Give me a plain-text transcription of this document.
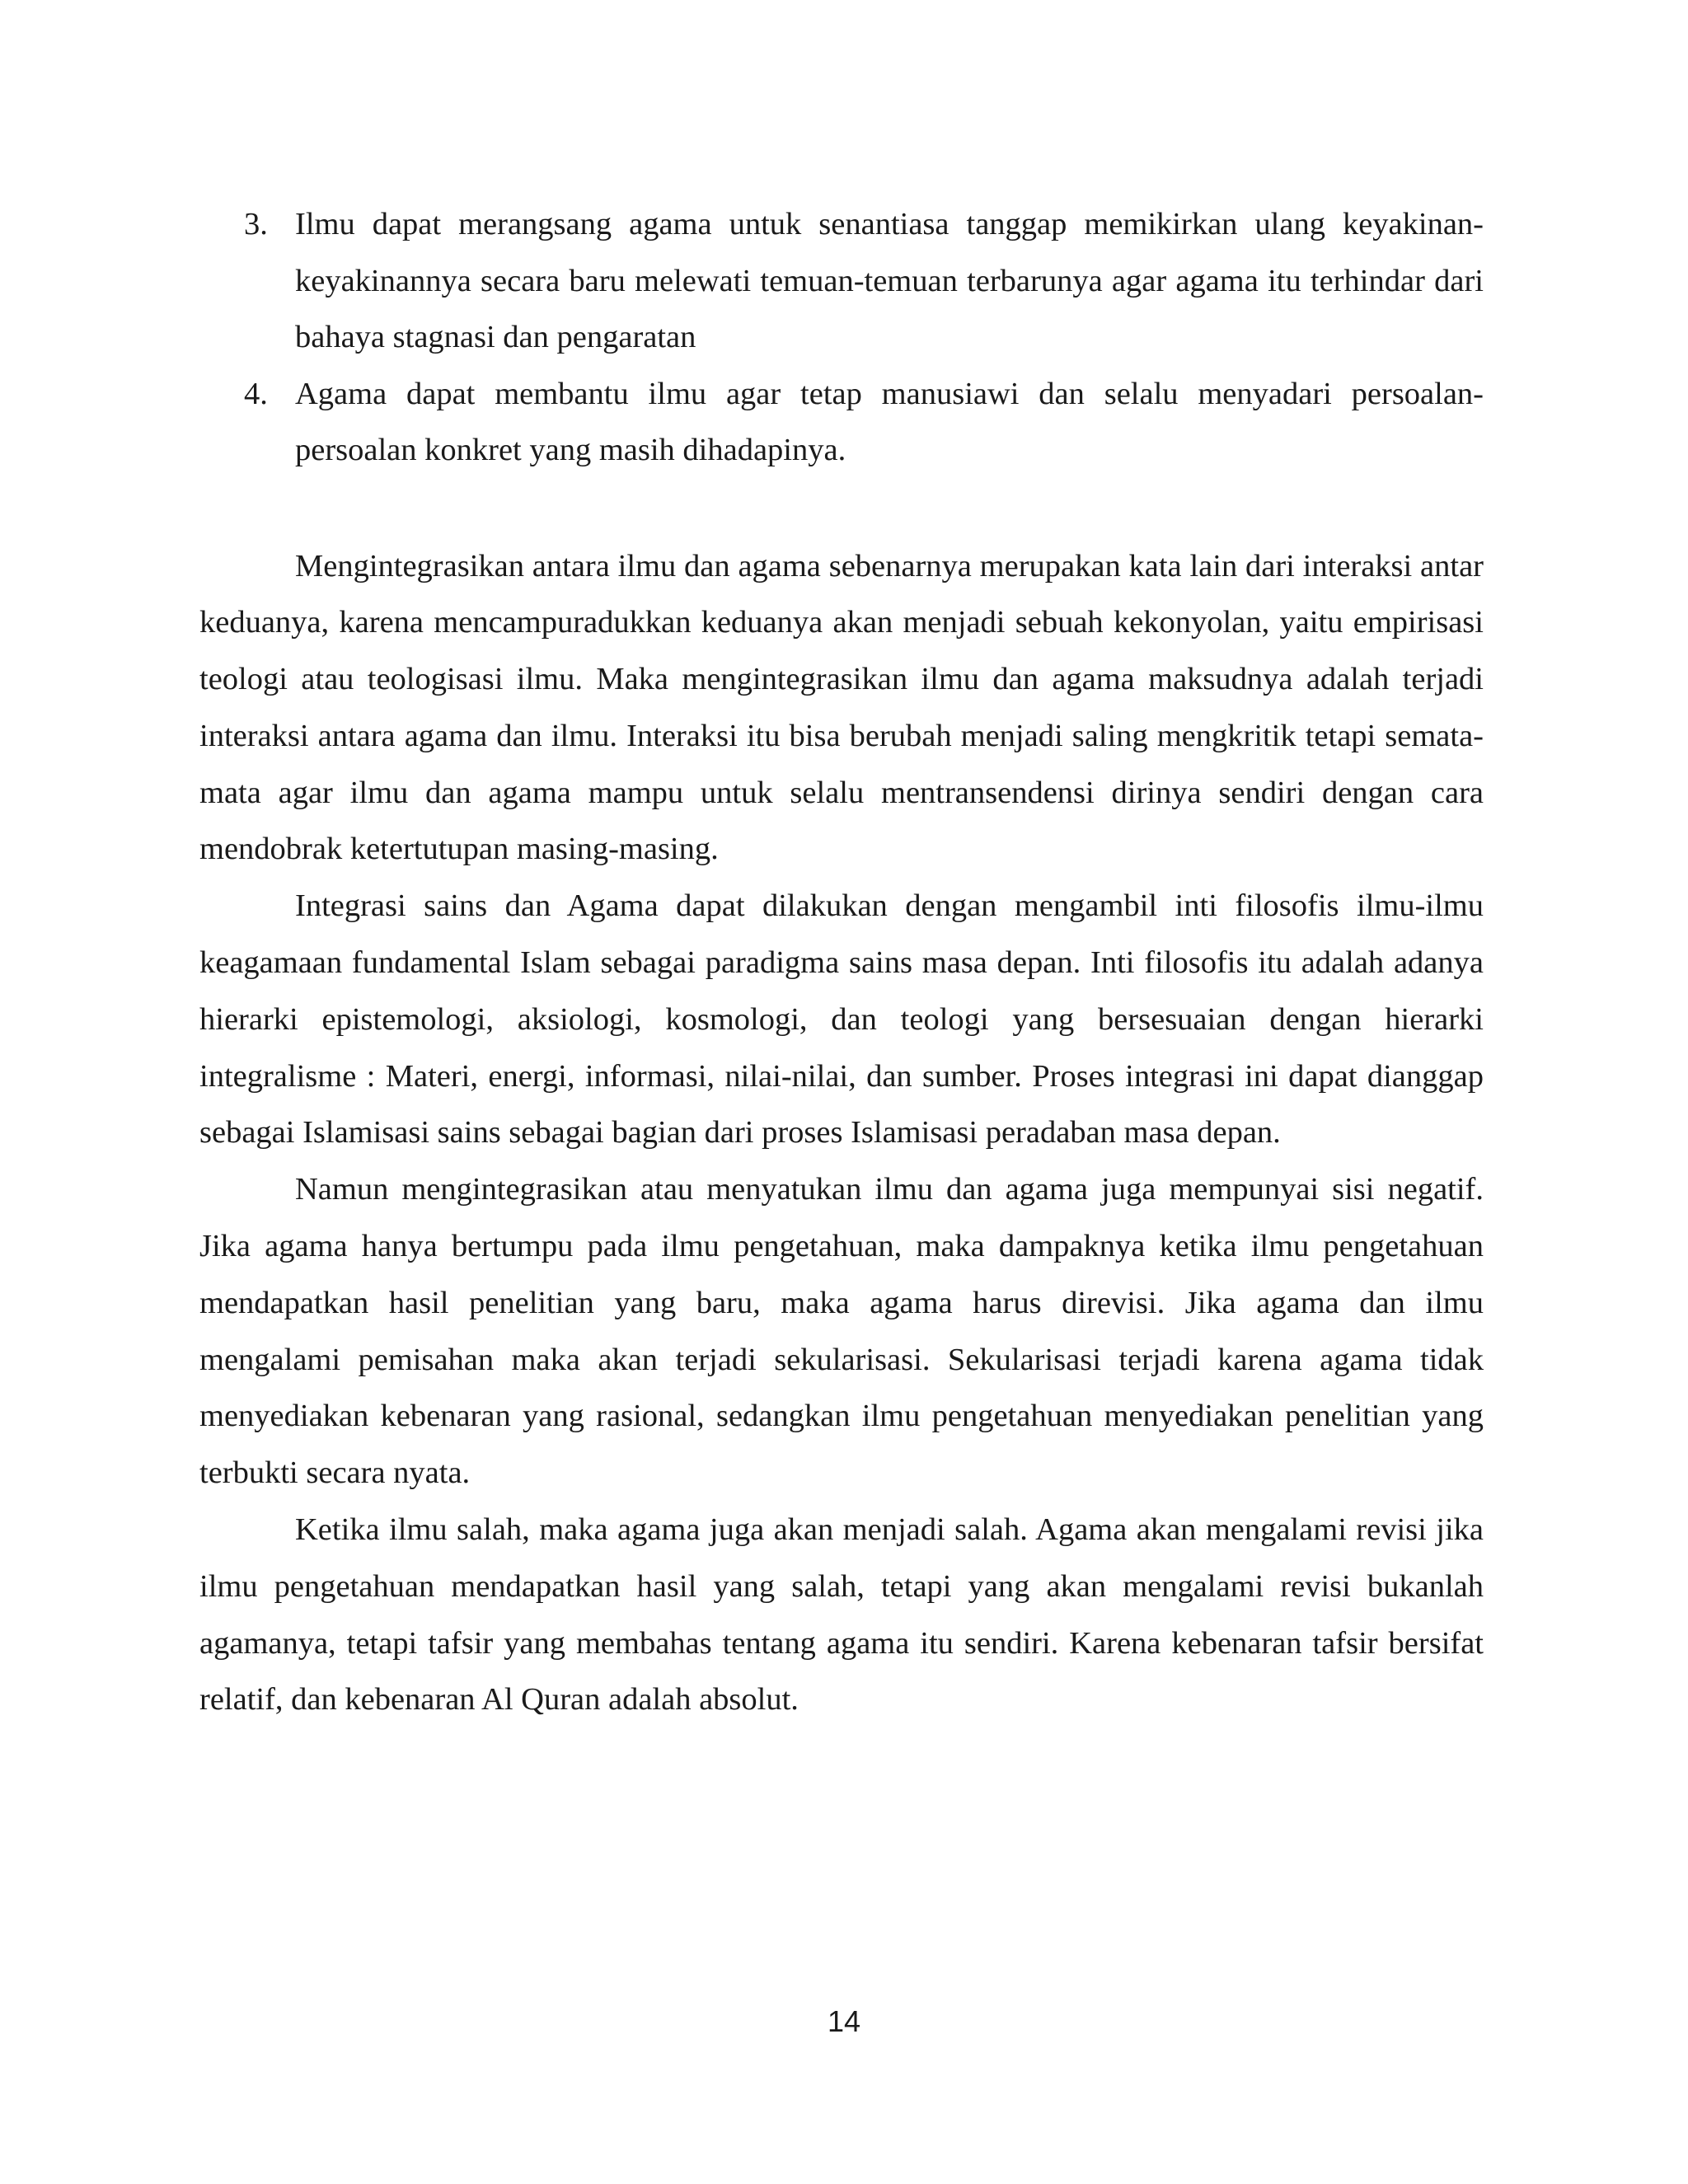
3. Ilmu dapat merangsang agama untuk senantiasa tanggap memikirkan ulang keyakinan-keyakinannya secara baru melewati temuan-temuan terbarunya agar agama itu terhindar dari bahaya stagnasi dan pengaratan
4. Agama dapat membantu ilmu agar tetap manusiawi dan selalu menyadari persoalan-persoalan konkret yang masih dihadapinya.

Mengintegrasikan antara ilmu dan agama sebenarnya merupakan kata lain dari interaksi antar keduanya, karena mencampuradukkan keduanya akan menjadi sebuah kekonyolan, yaitu empirisasi teologi atau teologisasi ilmu. Maka mengintegrasikan ilmu dan agama maksudnya adalah terjadi interaksi antara agama dan ilmu. Interaksi itu bisa berubah menjadi saling mengkritik tetapi semata-mata agar ilmu dan agama mampu untuk selalu mentransendensi dirinya sendiri dengan cara mendobrak ketertutupan masing-masing.

Integrasi sains dan Agama dapat dilakukan dengan mengambil inti filosofis ilmu-ilmu keagamaan fundamental Islam sebagai paradigma sains masa depan. Inti filosofis itu adalah adanya hierarki epistemologi, aksiologi, kosmologi, dan teologi yang bersesuaian dengan hierarki integralisme : Materi, energi, informasi, nilai-nilai, dan sumber. Proses integrasi ini dapat dianggap sebagai Islamisasi sains sebagai bagian dari proses Islamisasi peradaban masa depan.

Namun mengintegrasikan atau menyatukan ilmu dan agama juga mempunyai sisi negatif. Jika agama hanya bertumpu pada ilmu pengetahuan, maka dampaknya ketika ilmu pengetahuan mendapatkan hasil penelitian yang baru, maka agama harus direvisi. Jika agama dan ilmu mengalami pemisahan maka akan terjadi sekularisasi. Sekularisasi terjadi karena agama tidak menyediakan kebenaran yang rasional, sedangkan ilmu pengetahuan menyediakan penelitian yang terbukti secara nyata.

Ketika ilmu salah, maka agama juga akan menjadi salah. Agama akan mengalami revisi jika ilmu pengetahuan mendapatkan hasil yang salah, tetapi yang akan mengalami revisi bukanlah agamanya, tetapi tafsir yang membahas tentang agama itu sendiri. Karena kebenaran tafsir bersifat relatif, dan kebenaran Al Quran adalah absolut.

14
